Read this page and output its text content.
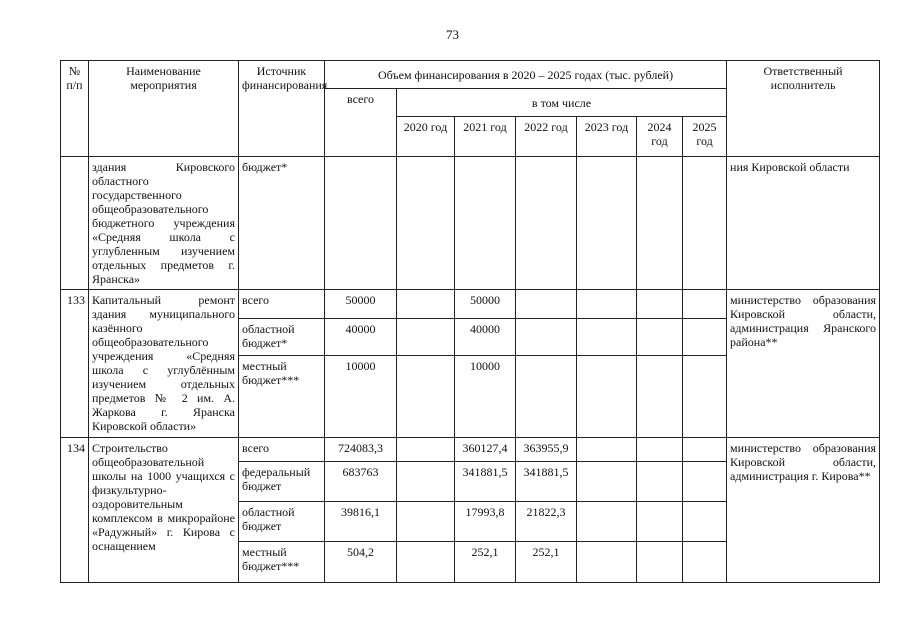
73
№ п/п	Наименование мероприятия	Источник финансирования	Объем финансирования в 2020 – 2025 годах (тыс. рублей)							Ответственный исполнитель
			всего	в том числе						
				2020 год	2021 год	2022 год	2023 год	2024 год	2025 год	
	здания Кировского областного государственного общеобразовательного бюджетного учреждения «Средняя школа с углубленным изучением отдельных предметов г. Яранска»	бюджет*								ния Кировской области
133	Капитальный ремонт здания муниципального казённого общеобразовательного учреждения «Средняя школа с углублённым изучением отдельных предметов № 2 им. А. Жаркова г. Яранска Кировской области»	всего	50000		50000					министерство образования Кировской области, администрация Яранского района**
		областной бюджет*	40000		40000					
		местный бюджет***	10000		10000					
134	Строительство общеобразовательной школы на 1000 учащихся с физкультурно-оздоровительным комплексом в микрорайоне «Радужный» г. Кирова с оснащением	всего	724083,3		360127,4	363955,9				министерство образования Кировской области, администрация г. Кирова**
		федеральный бюджет	683763		341881,5	341881,5				
		областной бюджет	39816,1		17993,8	21822,3				
		местный бюджет***	504,2		252,1	252,1				
